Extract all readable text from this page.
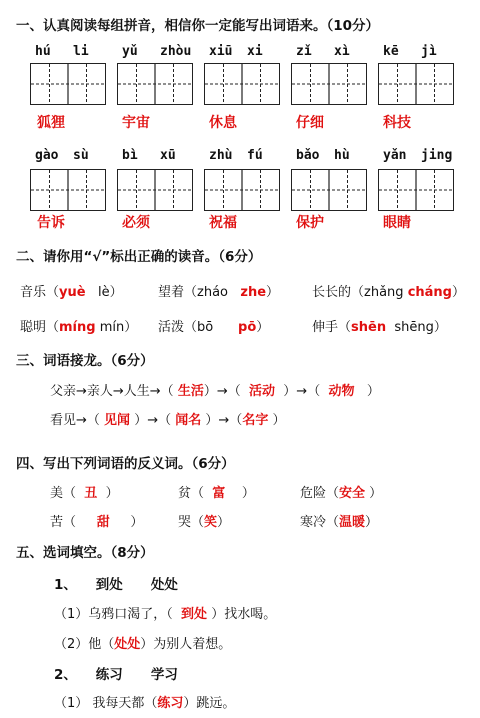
一、认真阅读每组拼音，相信你一定能写出词语来。（10分）
hú li
狐狸
yǔ zhòu
宇宙
xiū xi
休息
zǐ xì
仔细
kē jì
科技
gào sù
告诉
bì xū
必须
zhù fú
祝福
bǎo hù
保护
yǎn jing
眼睛
二、请你用“√”标出正确的读音。（6分）
音乐（yuè lè）	望着（zháo zhe）	长长的（zhǎng cháng）
聪明（míng mín） 活泼（bō pō）	伸手（shēn shēng）
三、词语接龙。（6分）
父亲→亲人→人生→（ 生活）→（ 活动 ）→（ 动物 ）
看见→（ 见闻 ）→（ 闻名 ）→（名字 ）
四、写出下列词语的反义词。（6分）
美（ 丑 ）	贫（ 富 ）	危险（安全 ）
苦（ 甜 ）	哭（笑）	寒冷（温暖）
五、选词填空。（8分）
1、 到处 处处
（1）乌鸦口渴了，（ 到处 ）找水喝。
（2）他（处处）为别人着想。
2、 练习 学习
（1） 我每天都（练习）跳远。
